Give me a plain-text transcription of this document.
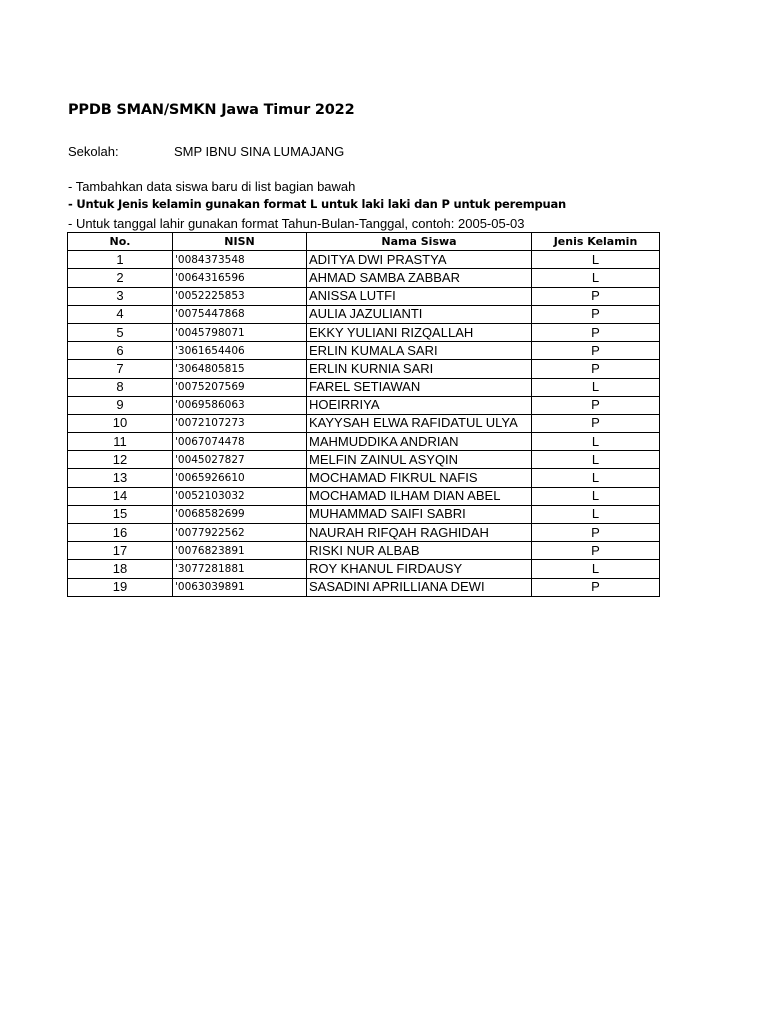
PPDB SMAN/SMKN Jawa Timur 2022
Sekolah:	SMP IBNU SINA LUMAJANG
- Tambahkan data siswa baru di list bagian bawah
- Untuk Jenis kelamin gunakan format L untuk laki laki dan P untuk perempuan
- Untuk tanggal lahir gunakan format Tahun-Bulan-Tanggal, contoh: 2005-05-03
No.	NISN	Nama Siswa	Jenis Kelamin
1	'0084373548	ADITYA DWI PRASTYA	L
2	'0064316596	AHMAD SAMBA ZABBAR	L
3	'0052225853	ANISSA LUTFI	P
4	'0075447868	AULIA JAZULIANTI	P
5	'0045798071	EKKY YULIANI RIZQALLAH	P
6	'3061654406	ERLIN KUMALA SARI	P
7	'3064805815	ERLIN KURNIA SARI	P
8	'0075207569	FAREL SETIAWAN	L
9	'0069586063	HOEIRRIYA	P
10	'0072107273	KAYYSAH ELWA RAFIDATUL ULYA	P
11	'0067074478	MAHMUDDIKA ANDRIAN	L
12	'0045027827	MELFIN ZAINUL ASYQIN	L
13	'0065926610	MOCHAMAD FIKRUL NAFIS	L
14	'0052103032	MOCHAMAD ILHAM DIAN ABEL	L
15	'0068582699	MUHAMMAD SAIFI SABRI	L
16	'0077922562	NAURAH RIFQAH RAGHIDAH	P
17	'0076823891	RISKI NUR ALBAB	P
18	'3077281881	ROY KHANUL FIRDAUSY	L
19	'0063039891	SASADINI APRILLIANA DEWI	P
